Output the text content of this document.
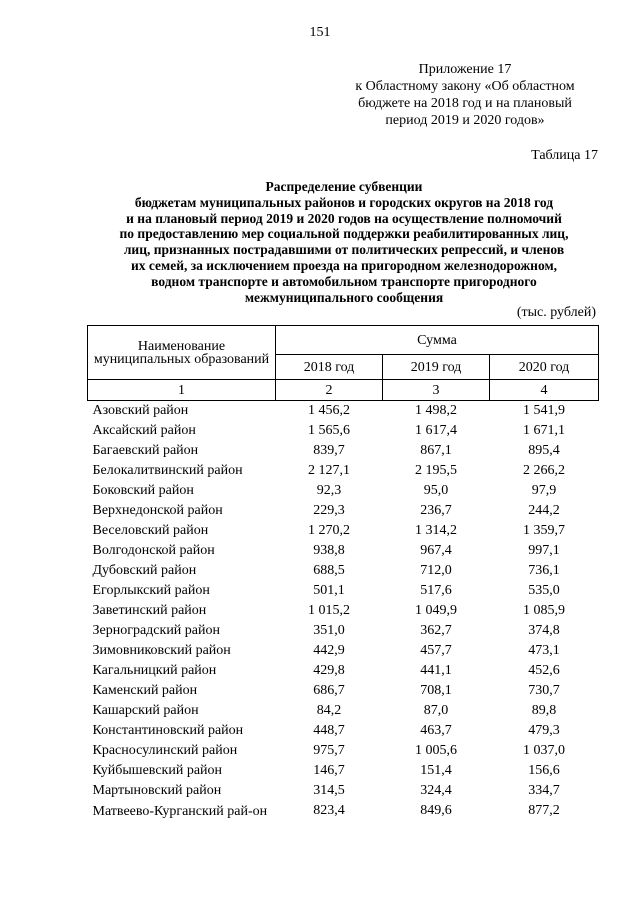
151
Приложение 17
к Областному закону «Об областном
бюджете на 2018 год и на плановый
период 2019 и 2020 годов»
Таблица 17
Распределение субвенции
бюджетам муниципальных районов и городских округов на 2018 год
и на плановый период 2019 и 2020 годов на осуществление полномочий
по предоставлению мер социальной поддержки реабилитированных лиц,
лиц, признанных пострадавшими от политических репрессий, и членов
их семей, за исключением проезда на пригородном железнодорожном,
водном транспорте и автомобильном транспорте пригородного
межмуниципального сообщения
(тыс. рублей)
Наименование муниципальных образований	Сумма		
	2018 год	2019 год	2020 год
1	2	3	4
Азовский район	1 456,2	1 498,2	1 541,9
Аксайский район	1 565,6	1 617,4	1 671,1
Багаевский район	839,7	867,1	895,4
Белокалитвинский район	2 127,1	2 195,5	2 266,2
Боковский район	92,3	95,0	97,9
Верхнедонской район	229,3	236,7	244,2
Веселовский район	1 270,2	1 314,2	1 359,7
Волгодонской район	938,8	967,4	997,1
Дубовский район	688,5	712,0	736,1
Егорлыкский район	501,1	517,6	535,0
Заветинский район	1 015,2	1 049,9	1 085,9
Зерноградский район	351,0	362,7	374,8
Зимовниковский район	442,9	457,7	473,1
Кагальницкий район	429,8	441,1	452,6
Каменский район	686,7	708,1	730,7
Кашарский район	84,2	87,0	89,8
Константиновский район	448,7	463,7	479,3
Красносулинский район	975,7	1 005,6	1 037,0
Куйбышевский район	146,7	151,4	156,6
Мартыновский район	314,5	324,4	334,7
Матвеево-Курганский рай-он	823,4	849,6	877,2
